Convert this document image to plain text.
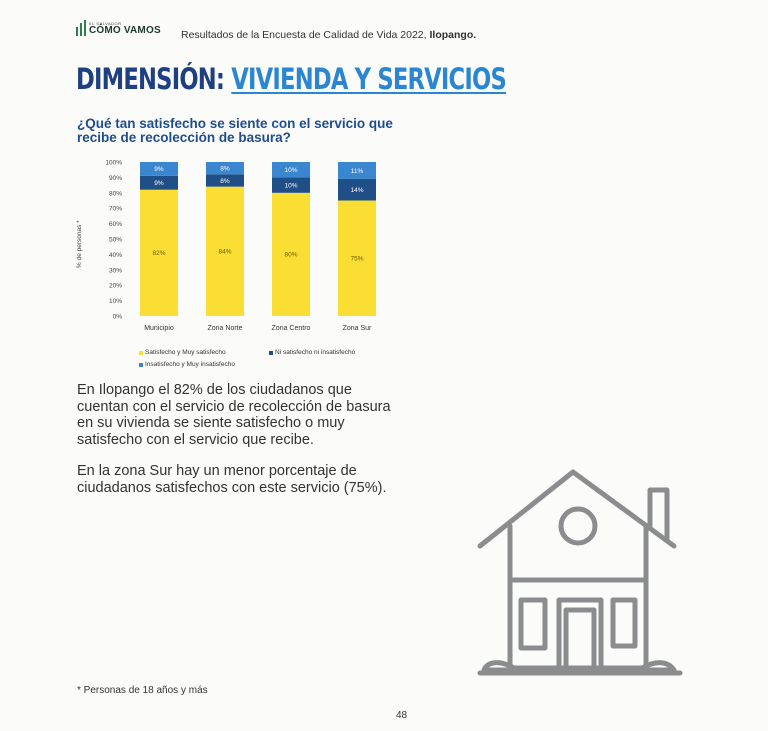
EL SALVADOR
CÓMO VAMOS Resultados de la Encuesta de Calidad de Vida 2022, Ilopango.
DIMENSIÓN: VIVIENDA Y SERVICIOS
¿Qué tan satisfecho se siente con el servicio que recibe de recolección de basura?
% de personas *
0%
10%
20%
30%
40%
50%
60%
70%
80%
90%
100%
82%
9%
9%
Municipio
84%
8%
8%
Zona Norte
80%
10%
10%
Zona Centro
75%
14%
11%
Zona Sur
Satisfecho y Muy satisfecho	Ni satisfecho ni insatisfecho
Insatisfecho y Muy insatisfecho
En Ilopango el 82% de los ciudadanos que cuentan con el servicio de recolección de basura en su vivienda se siente satisfecho o muy satisfecho con el servicio que recibe.
En la zona Sur hay un menor porcentaje de ciudadanos satisfechos con este servicio (75%).
* Personas de 18 años y más
48
